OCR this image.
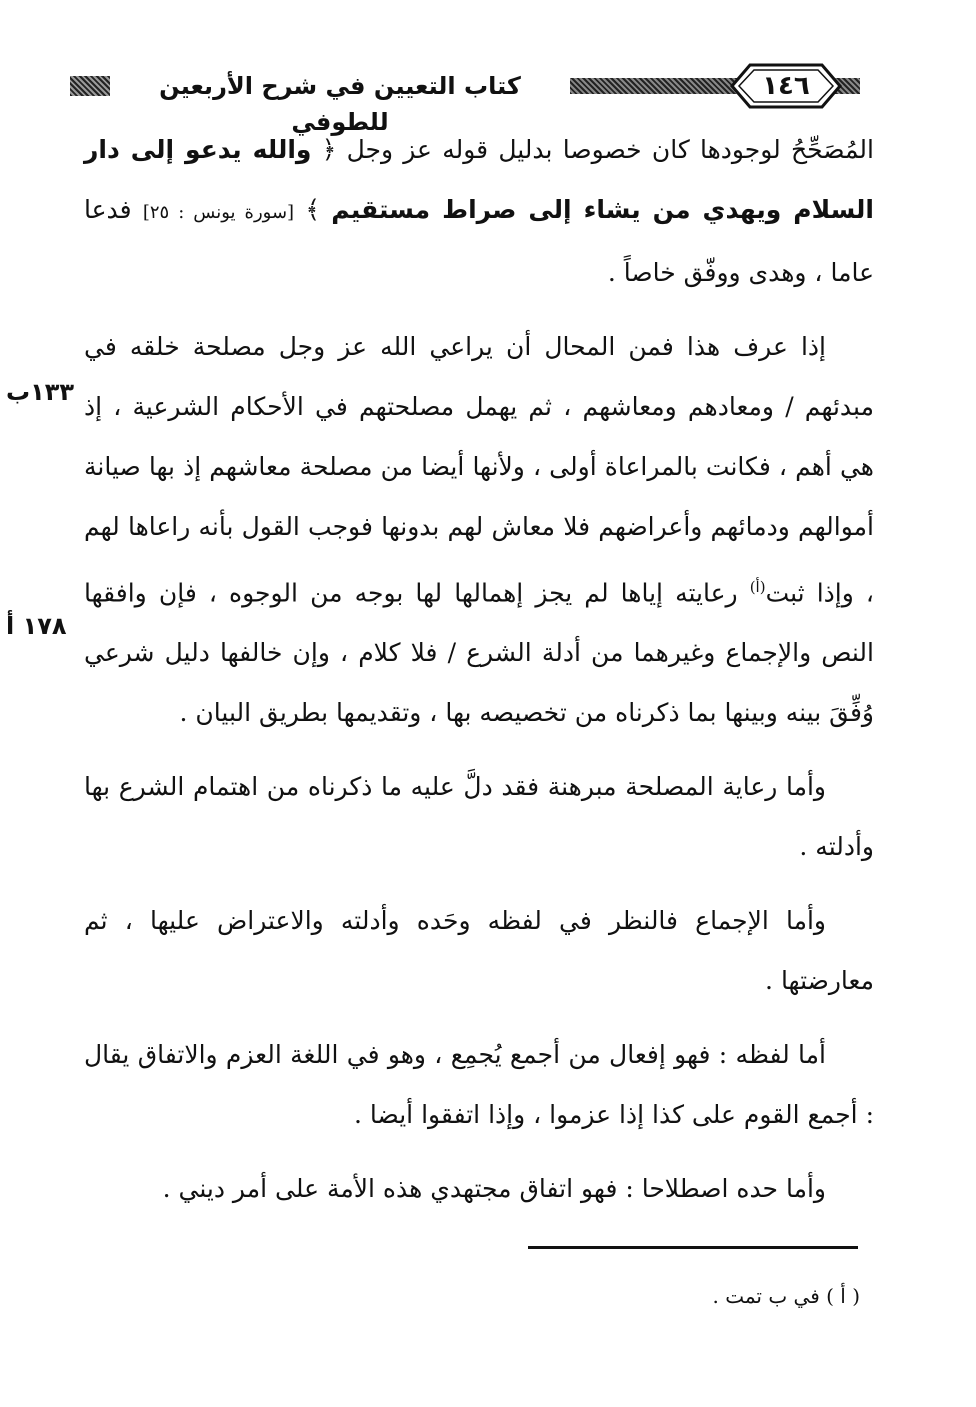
كتاب التعيين في شرح الأربعين للطوفي
١٤٦

المُصَحِّحُ لوجودها كان خصوصا بدليل قوله عز وجل ﴿ والله يدعو إلى دار السلام ويهدي من يشاء إلى صراط مستقيم ﴾ [سورة يونس : ٢٥] فدعا عاما ، وهدى ووفّق خاصاً .

إذا عرف هذا فمن المحال أن يراعي الله عز وجل مصلحة خلقه في مبدئهم / ومعادهم ومعاشهم ، ثم يهمل مصلحتهم في الأحكام الشرعية ، إذ هي أهم ، فكانت بالمراعاة أولى ، ولأنها أيضا من مصلحة معاشهم إذ بها صيانة أموالهم ودمائهم وأعراضهم فلا معاش لهم بدونها فوجب القول بأنه راعاها لهم ، وإذا ثبت$^{(أ)}$ رعايته إياها لم يجز إهمالها لها بوجه من الوجوه ، فإن وافقها النص والإجماع وغيرهما من أدلة الشرع / فلا كلام ، وإن خالفها دليل شرعي وُفِّقَ بينه وبينها بما ذكرناه من تخصيصه بها ، وتقديمها بطريق البيان .

وأما رعاية المصلحة مبرهنة فقد دلَّ عليه ما ذكرناه من اهتمام الشرع بها وأدلته .

وأما الإجماع فالنظر في لفظه وحَده وأدلته والاعتراض عليها ، ثم معارضتها .

أما لفظه : فهو إفعال من أجمع يُجمِع ، وهو في اللغة العزم والاتفاق يقال : أجمع القوم على كذا إذا عزموا ، وإذا اتفقوا أيضا .

وأما حده اصطلاحا : فهو اتفاق مجتهدي هذه الأمة على أمر ديني .

١٣٣ب
١٧٨ أ
( أ ) في ب تمت .
